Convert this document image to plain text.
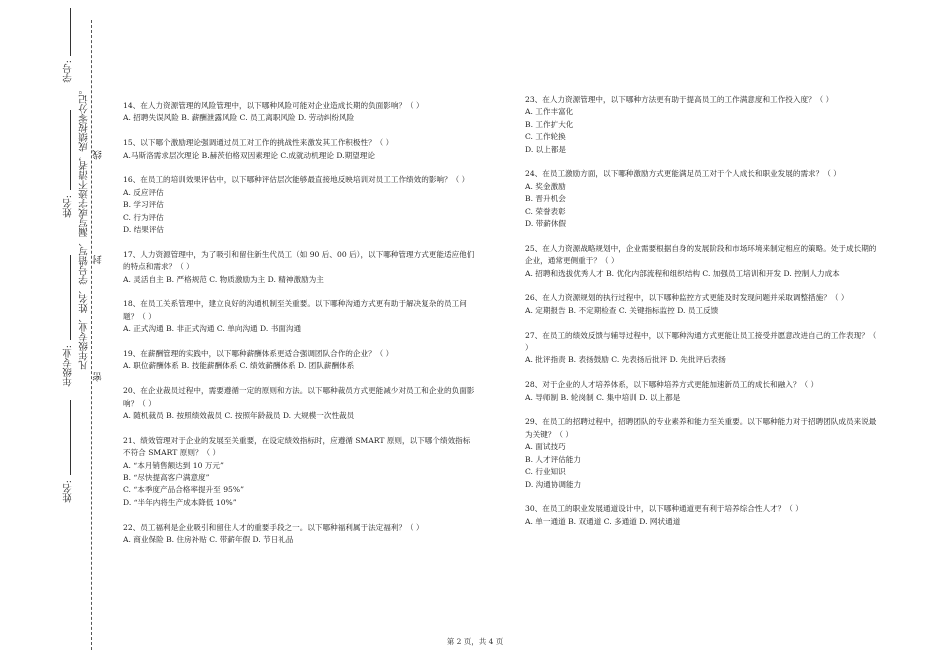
学号:
姓名:
年级专业:
姓名:
凡年级专业、姓名、学号错写、漏写或字迹不清者，成绩按零分记。 线
封
密
14、在人力资源管理的风险管理中，以下哪种风险可能对企业造成长期的负面影响？（ ）
A. 招聘失误风险 B. 薪酬泄露风险 C. 员工离职风险 D. 劳动纠纷风险
15、以下哪个激励理论强调通过员工对工作的挑战性来激发其工作积极性？（ ）
A.马斯洛需求层次理论 B.赫茨伯格双因素理论 C.成就动机理论 D.期望理论
16、在员工的培训效果评估中，以下哪种评估层次能够最直接地反映培训对员工工作绩效的影响？（ ）
A. 反应评估
B. 学习评估
C. 行为评估
D. 结果评估
17、人力资源管理中，为了吸引和留住新生代员工（如 90 后、00 后），以下哪种管理方式更能适应他们的特点和需求？（ ）
A. 灵活自主 B. 严格规范 C. 物质激励为主 D. 精神激励为主
18、在员工关系管理中，建立良好的沟通机制至关重要。以下哪种沟通方式更有助于解决复杂的员工问题？（ ）
A. 正式沟通 B. 非正式沟通 C. 单向沟通 D. 书面沟通
19、在薪酬管理的实践中，以下哪种薪酬体系更适合强调团队合作的企业？（ ）
A. 职位薪酬体系 B. 技能薪酬体系 C. 绩效薪酬体系 D. 团队薪酬体系
20、在企业裁员过程中，需要遵循一定的原则和方法。以下哪种裁员方式更能减少对员工和企业的负面影响？（ ）
A. 随机裁员 B. 按照绩效裁员 C. 按照年龄裁员 D. 大规模一次性裁员
21、绩效管理对于企业的发展至关重要，在设定绩效指标时，应遵循 SMART 原则，以下哪个绩效指标不符合 SMART 原则？（ ）
A. “本月销售额达到 10 万元”
B. “尽快提高客户满意度”
C. “本季度产品合格率提升至 95%”
D. “半年内将生产成本降低 10%”
22、员工福利是企业吸引和留住人才的重要手段之一。以下哪种福利属于法定福利？（ ）
A. 商业保险 B. 住房补贴 C. 带薪年假 D. 节日礼品
23、在人力资源管理中，以下哪种方法更有助于提高员工的工作满意度和工作投入度？（ ）
A. 工作丰富化
B. 工作扩大化
C. 工作轮换
D. 以上都是
24、在员工激励方面，以下哪种激励方式更能满足员工对于个人成长和职业发展的需求？（ ）
A. 奖金激励
B. 晋升机会
C. 荣誉表彰
D. 带薪休假
25、在人力资源战略规划中，企业需要根据自身的发展阶段和市场环境来制定相应的策略。处于成长期的企业，通常更侧重于？（ ）
A. 招聘和选拔优秀人才 B. 优化内部流程和组织结构 C. 加强员工培训和开发 D. 控制人力成本
26、在人力资源规划的执行过程中，以下哪种监控方式更能及时发现问题并采取调整措施？（ ）
A. 定期报告 B. 不定期检查 C. 关键指标监控 D. 员工反馈
27、在员工的绩效反馈与辅导过程中，以下哪种沟通方式更能让员工接受并愿意改进自己的工作表现？（ ）
A. 批评指责 B. 表扬鼓励 C. 先表扬后批评 D. 先批评后表扬
28、对于企业的人才培养体系，以下哪种培养方式更能加速新员工的成长和融入？（ ）
A. 导师制 B. 轮岗制 C. 集中培训 D. 以上都是
29、在员工的招聘过程中，招聘团队的专业素养和能力至关重要。以下哪种能力对于招聘团队成员来说最为关键？（ ）
A. 面试技巧
B. 人才评估能力
C. 行业知识
D. 沟通协调能力
30、在员工的职业发展通道设计中，以下哪种通道更有利于培养综合性人才？（ ）
A. 单一通道 B. 双通道 C. 多通道 D. 网状通道
第 2 页，共 4 页
